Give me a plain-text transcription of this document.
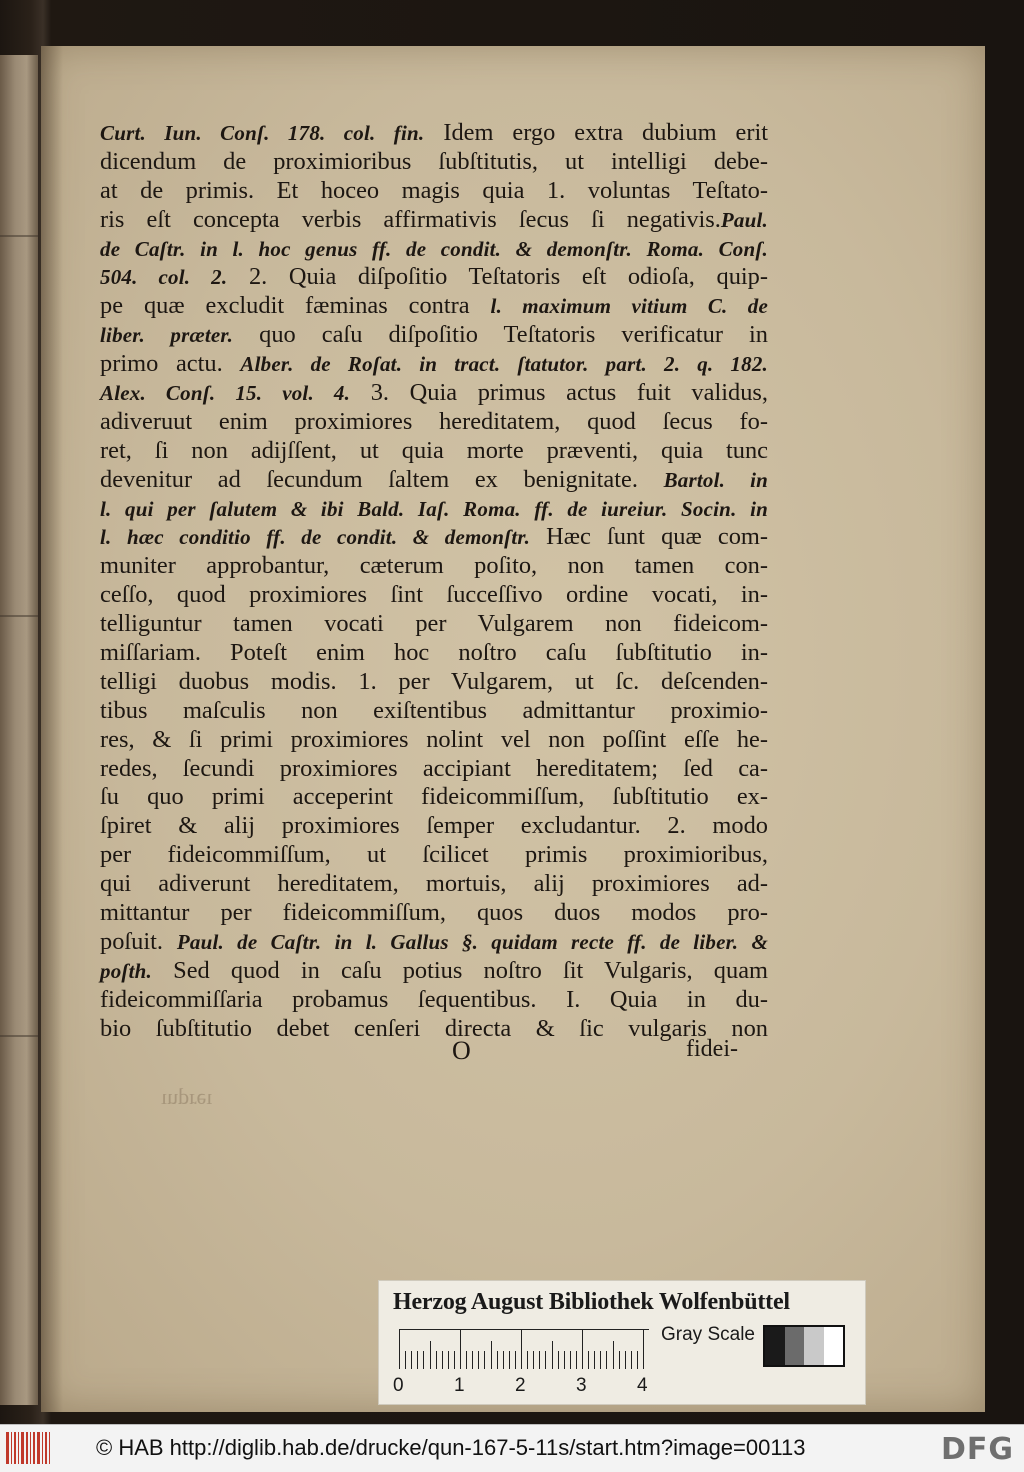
ıəɹduı
Curt. Iun. Conſ. 178. col. fin. Idem ergo extra dubium erit
dicendum de proximioribus ſubſtitutis, ut intelligi debe-
at de primis. Et hoceo magis quia 1. voluntas Teſtato-
ris eſt concepta verbis affirmativis ſecus ſi negativis.Paul.
de Caſtr. in l. hoc genus ff. de condit. & demonſtr. Roma. Conſ.
504. col. 2. 2. Quia diſpoſitio Teſtatoris eſt odioſa, quip-
pe quæ excludit fæminas contra l. maximum vitium C. de
liber. præter. quo caſu diſpoſitio Teſtatoris verificatur in
primo actu. Alber. de Roſat. in tract. ſtatutor. part. 2. q. 182.
Alex. Conſ. 15. vol. 4. 3. Quia primus actus fuit validus,
adiveruut enim proximiores hereditatem, quod ſecus fo-
ret, ſi non adijſſent, ut quia morte præventi, quia tunc
devenitur ad ſecundum ſaltem ex benignitate. Bartol. in
l. qui per ſalutem & ibi Bald. Iaſ. Roma. ff. de iureiur. Socin. in
l. hæc conditio ff. de condit. & demonſtr. Hæc ſunt quæ com-
muniter approbantur, cæterum poſito, non tamen con-
ceſſo, quod proximiores ſint ſucceſſivo ordine vocati, in-
telliguntur tamen vocati per Vulgarem non fideicom-
miſſariam. Poteſt enim hoc noſtro caſu ſubſtitutio in-
telligi duobus modis. 1. per Vulgarem, ut ſc. deſcenden-
tibus maſculis non exiſtentibus admittantur proximio-
res, & ſi primi proximiores nolint vel non poſſint eſſe he-
redes, ſecundi proximiores accipiant hereditatem; ſed ca-
ſu quo primi acceperint fideicommiſſum, ſubſtitutio ex-
ſpiret & alij proximiores ſemper excludantur. 2. modo
per fideicommiſſum, ut ſcilicet primis proximioribus,
qui adiverunt hereditatem, mortuis, alij proximiores ad-
mittantur per fideicommiſſum, quos duos modos pro-
poſuit. Paul. de Caſtr. in l. Gallus §. quidam recte ff. de liber. &
poſth. Sed quod in caſu potius noſtro ſit Vulgaris, quam
fideicommiſſaria probamus ſequentibus. I. Quia in du-
bio ſubſtitutio debet cenſeri directa & ſic vulgaris non
O	fidei-
Herzog August Bibliothek Wolfenbüttel
0	1	2	3	4
Gray Scale
© HAB http://diglib.hab.de/drucke/qun-167-5-11s/start.htm?image=00113	DFG
